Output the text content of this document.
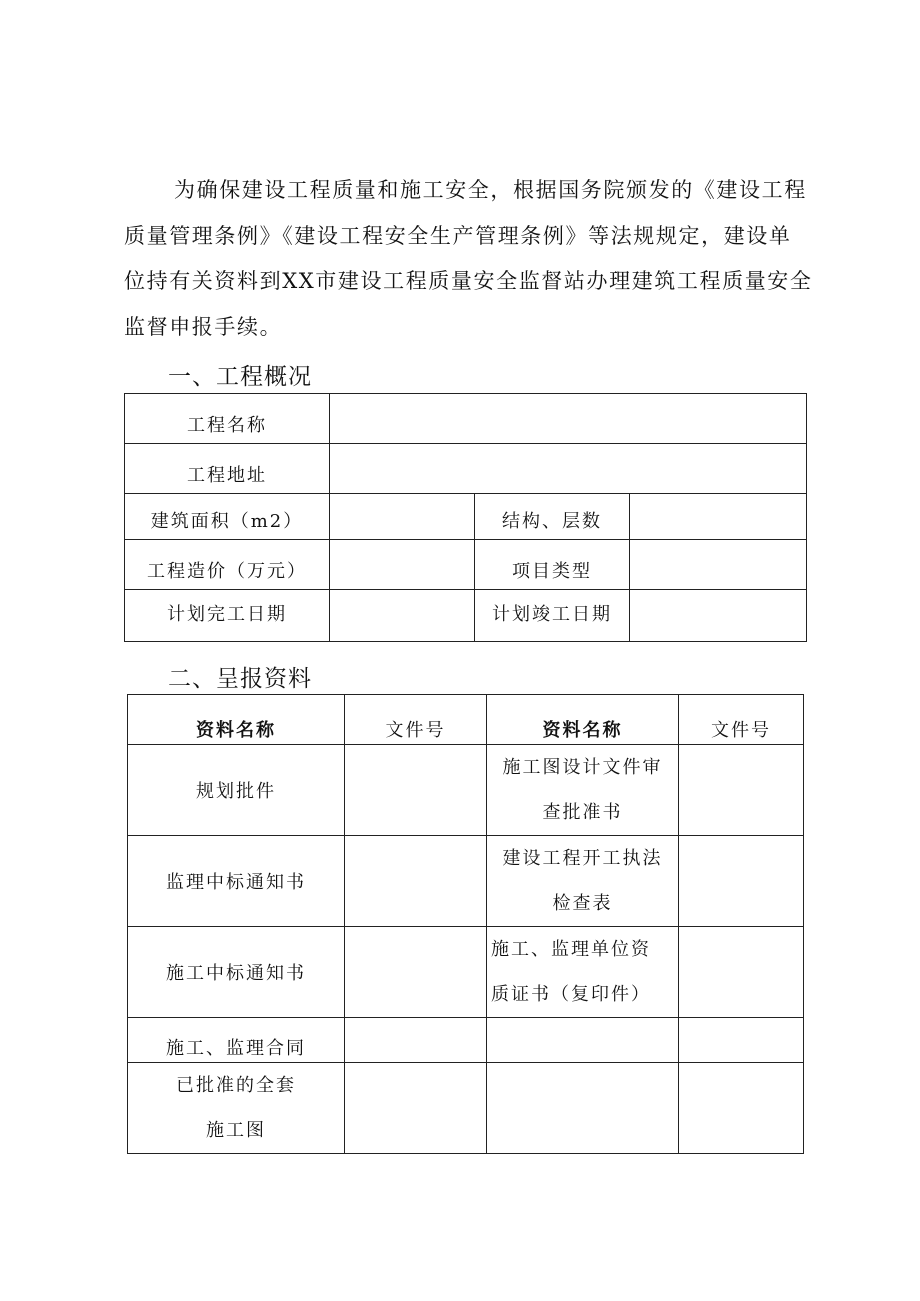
为确保建设工程质量和施工安全，根据国务院颁发的《建设工程质量管理条例》《建设工程安全生产管理条例》等法规规定，建设单位持有关资料到XX市建设工程质量安全监督站办理建筑工程质量安全监督申报手续。

一、工程概况
工程名称			
工程地址			
建筑面积（m2）		结构、层数	
工程造价（万元）		项目类型	
计划完工日期		计划竣工日期	
二、呈报资料
资料名称	文件号	资料名称	文件号
规划批件		施工图设计文件审
查批准书	

监理中标通知书		建设工程开工执法
检查表	

施工中标通知书		施工、监理单位资
质证书（复印件）	

施工、监理合同			

已批准的全套
施工图			
